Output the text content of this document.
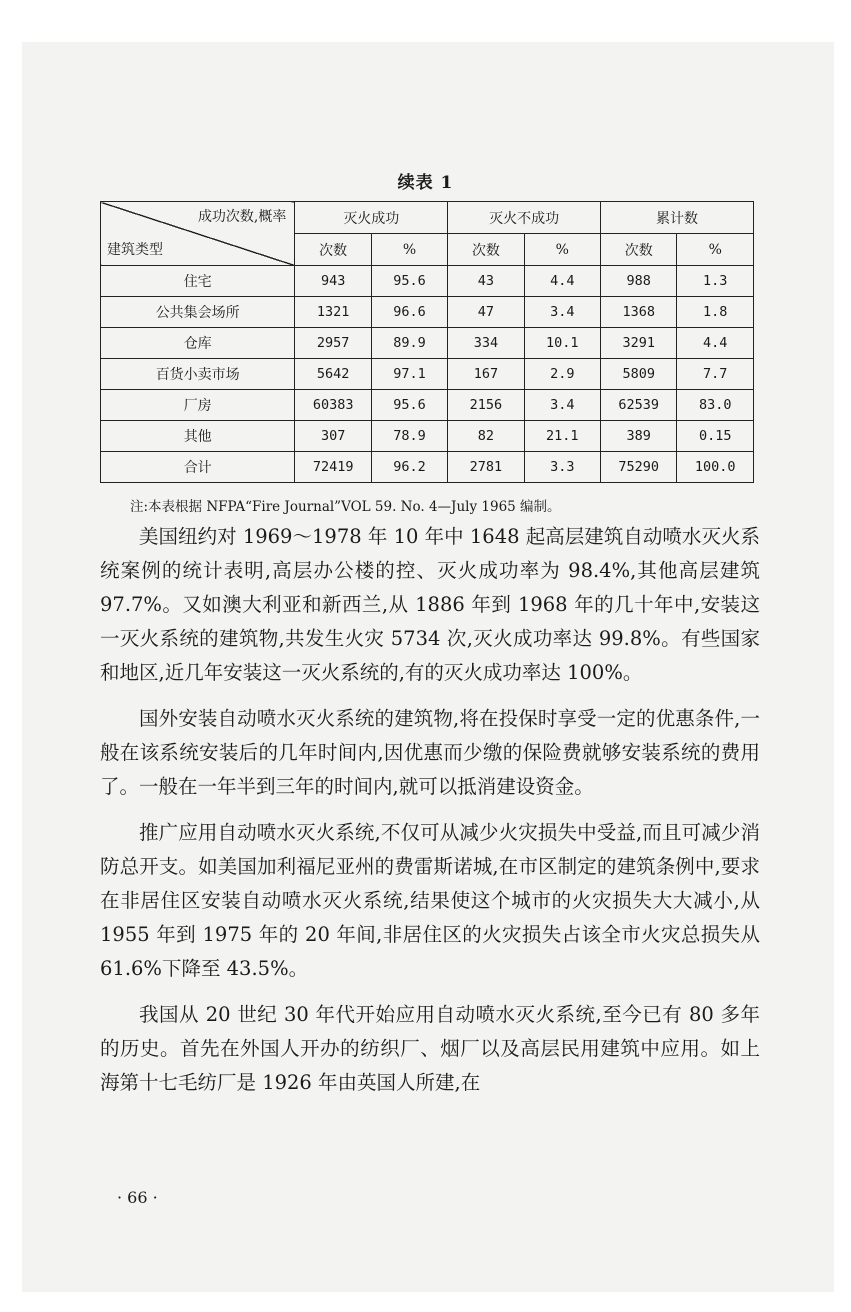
续表 1
成功次数,概率
建筑类型	灭火成功		灭火不成功		累计数	
	次数	%	次数	%	次数	%
住宅	943	95.6	43	4.4	988	1.3
公共集会场所	1321	96.6	47	3.4	1368	1.8
仓库	2957	89.9	334	10.1	3291	4.4
百货小卖市场	5642	97.1	167	2.9	5809	7.7
厂房	60383	95.6	2156	3.4	62539	83.0
其他	307	78.9	82	21.1	389	0.15
合计	72419	96.2	2781	3.3	75290	100.0
注:本表根据 NFPA“Fire Journal”VOL 59. No. 4—July 1965 编制。

美国纽约对 1969～1978 年 10 年中 1648 起高层建筑自动喷水灭火系统案例的统计表明,高层办公楼的控、灭火成功率为 98.4%,其他高层建筑 97.7%。又如澳大利亚和新西兰,从 1886 年到 1968 年的几十年中,安装这一灭火系统的建筑物,共发生火灾 5734 次,灭火成功率达 99.8%。有些国家和地区,近几年安装这一灭火系统的,有的灭火成功率达 100%。

国外安装自动喷水灭火系统的建筑物,将在投保时享受一定的优惠条件,一般在该系统安装后的几年时间内,因优惠而少缴的保险费就够安装系统的费用了。一般在一年半到三年的时间内,就可以抵消建设资金。

推广应用自动喷水灭火系统,不仅可从减少火灾损失中受益,而且可减少消防总开支。如美国加利福尼亚州的费雷斯诺城,在市区制定的建筑条例中,要求在非居住区安装自动喷水灭火系统,结果使这个城市的火灾损失大大减小,从 1955 年到 1975 年的 20 年间,非居住区的火灾损失占该全市火灾总损失从 61.6%下降至 43.5%。

我国从 20 世纪 30 年代开始应用自动喷水灭火系统,至今已有 80 多年的历史。首先在外国人开办的纺织厂、烟厂以及高层民用建筑中应用。如上海第十七毛纺厂是 1926 年由英国人所建,在

· 66 ·
